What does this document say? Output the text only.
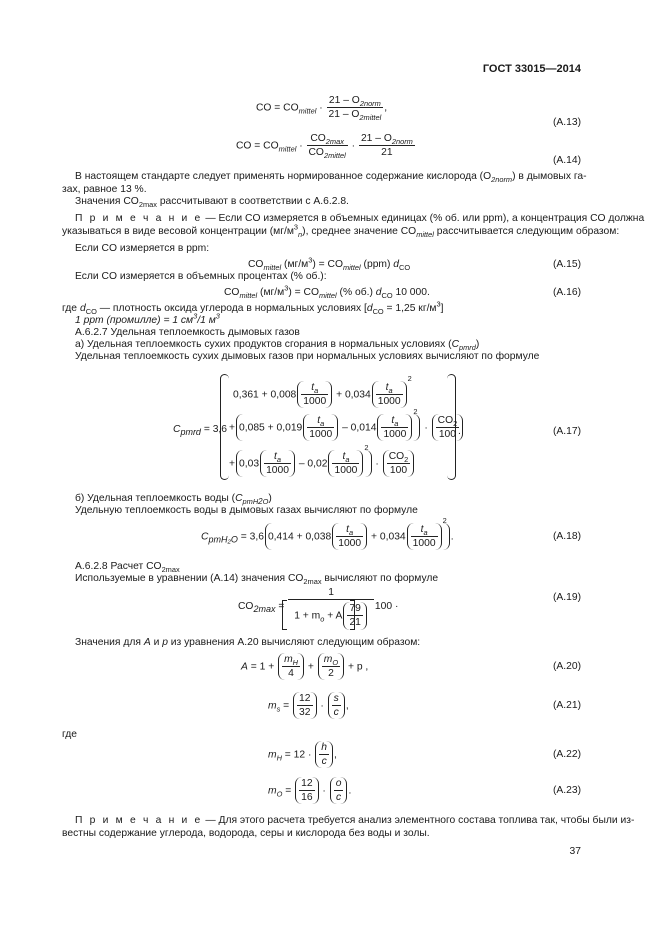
ГОСТ 33015—2014
CO = $CO_{mittel}$ ·
$21 - O_{2norm}$
$21 - O_{2mittel}$
,
(А.13)
CO = $CO_{mittel}$ ·
$CO_{2max}$
$CO_{2mittel}$
·
$21 - O_{2norm}$
21
(А.14)
В настоящем стандарте следует применять нормированное содержание кислорода $(O_{2norm})$ в дымовых га-
зах, равное 13 %.
Значения $CO_{2max}$ рассчитывают в соответствии с А.6.2.8.
П р и м е ч а н и е — Если CO измеряется в объемных единицах (% об. или ppm), а концентрация CO должна
указываться в виде весовой концентрации $(мг/м^3_n)$, среднее значение $CO_{mittel}$ рассчитывается следующим образом:
Если CO измеряется в ppm:
$CO_{mittel}$ $(мг/м^3) = CO_{mittel}$ (ppm) $d_{CO}$	(А.15)
Если CO измеряется в объемных процентах (% об.):
$CO_{mittel}$ $(мг/м^3) = CO_{mittel}$ (% об.) $d_{CO}$ 10 000.	(А.16)
где $d_{CO}$ — плотность оксида углерода в нормальных условиях [$d_{CO} = 1,25$ $кг/м^3$]
1 ppm (промилле) = 1 $см^3/1$ $м^3$
А.6.2.7 Удельная теплоемкость дымовых газов
а) Удельная теплоемкость сухих продуктов сгорания в нормальных условиях $(C_{pmrd})$
Удельная теплоемкость сухих дымовых газов при нормальных условиях вычисляют по формуле
$C_{pmrd} = 3,6$
$0,361 + 0,008 \frac{t_a}{1000} + 0,034 \frac{t_a}{1000}$
$^2$
+ $0,085 + 0,019 \frac{t_a}{1000} - 0,014 \frac{t_a}{1000}$
$^2 \cdot \frac{CO_2}{100}$
+ $0,03 \frac{t_a}{1000} - 0,02 \frac{t_a}{1000}$
$^2 \cdot \frac{CO_2}{100}$
.	(А.17)
б) Удельная теплоемкость воды $(C_{pmH2O})$
Удельную теплоемкость воды в дымовых газах вычисляют по формуле
$C_{pmH_2O} = 3,6$ $0,414 + 0,038 \frac{t_a}{1000} + 0,034 \frac{t_a}{1000}$
$^2$.	(А.18)
А.6.2.8 Расчет $CO_{2max}$
Используемые в уравнении (А.14) значения $CO_{2max}$ вычисляют по формуле
$CO_{2max} = \frac{1}{1 + m_o + A \frac{79}{21}} 100$ ·
(А.19)
Значения для A и p из уравнения А.20 вычисляют следующим образом:
$A = 1 + \frac{m_H}{4} + \frac{m_O}{2} + p$ ,	(А.20)
$m_s = \frac{12}{32} \cdot \frac{s}{c}$ ,	(А.21)
где
$m_H = 12 \cdot \frac{h}{c}$ ,	(А.22)
$m_O = \frac{12}{16} \cdot \frac{o}{c}$ .	(А.23)
П р и м е ч а н и е — Для этого расчета требуется анализ элементного состава топлива так, чтобы были из-
вестны содержание углерода, водорода, серы и кислорода без воды и золы.
37
